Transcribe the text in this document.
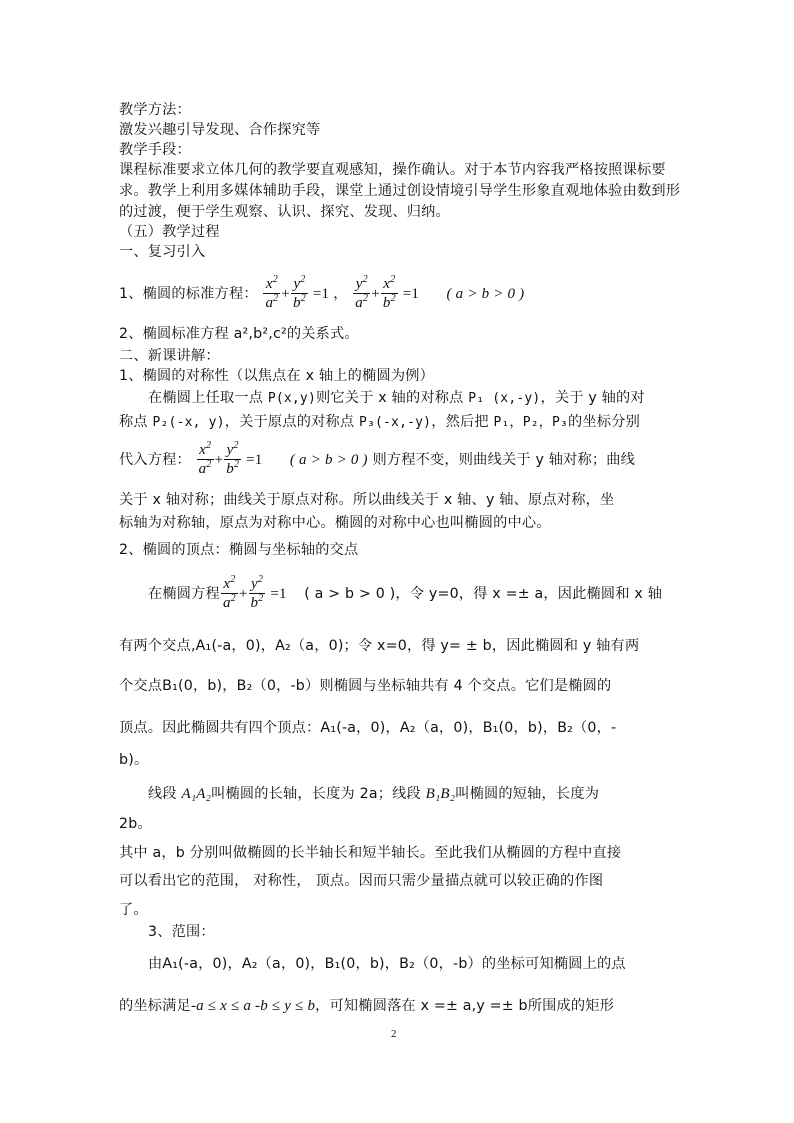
教学方法：
激发兴趣引导发现、合作探究等
教学手段：
课程标准要求立体几何的教学要直观感知，操作确认。对于本节内容我严格按照课标要
求。教学上利用多媒体辅助手段，课堂上通过创设情境引导学生形象直观地体验由数到形
的过渡，便于学生观察、认识、探究、发现、归纳。
（五）教学过程
一、复习引入
1、椭圆的标准方程： $\frac{x^2}{a^2} + \frac{y^2}{b^2} =1$ ， $\frac{y^2}{a^2} + \frac{x^2}{b^2} =1$ ( a > b > 0 )
2、椭圆标准方程 a²,b²,c²的关系式。
二、新课讲解：
1、椭圆的对称性（以焦点在 x 轴上的椭圆为例）
在椭圆上任取一点 P(x,y)则它关于 x 轴的对称点 P₁ (x,-y)，关于 y 轴的对
称点 P₂(-x, y)，关于原点的对称点 P₃(-x,-y)，然后把 P₁，P₂，P₃的坐标分别
代入方程： $\frac{x^2}{a^2} + \frac{y^2}{b^2} =1$ ( a > b > 0 ) 则方程不变，则曲线关于 y 轴对称；曲线
关于 x 轴对称；曲线关于原点对称。所以曲线关于 x 轴、y 轴、原点对称，坐
标轴为对称轴，原点为对称中心。椭圆的对称中心也叫椭圆的中心。
2、椭圆的顶点：椭圆与坐标轴的交点
在椭圆方程 $\frac{x^2}{a^2} + \frac{y^2}{b^2} =1$ ( a > b > 0 )，令 y=0，得 x =± a，因此椭圆和 x 轴
有两个交点,A₁(-a，0)，A₂（a，0)；令 x=0，得 y= ± b，因此椭圆和 y 轴有两
个交点B₁(0，b)，B₂（0，-b）则椭圆与坐标轴共有 4 个交点。它们是椭圆的
顶点。因此椭圆共有四个顶点：A₁(-a，0)，A₂（a，0)，B₁(0，b)，B₂（0，-
b)。
线段 A₁A₂叫椭圆的长轴，长度为 2a；线段 B₁B₂叫椭圆的短轴，长度为
2b。
其中 a，b 分别叫做椭圆的长半轴长和短半轴长。至此我们从椭圆的方程中直接
可以看出它的范围， 对称性， 顶点。因而只需少量描点就可以较正确的作图
了。
3、范围：
由A₁(-a，0)，A₂（a，0)，B₁(0，b)，B₂（0，-b）的坐标可知椭圆上的点
的坐标满足-a ≤ x ≤ a -b ≤ y ≤ b，可知椭圆落在 x =± a,y =± b所围成的矩形
2
